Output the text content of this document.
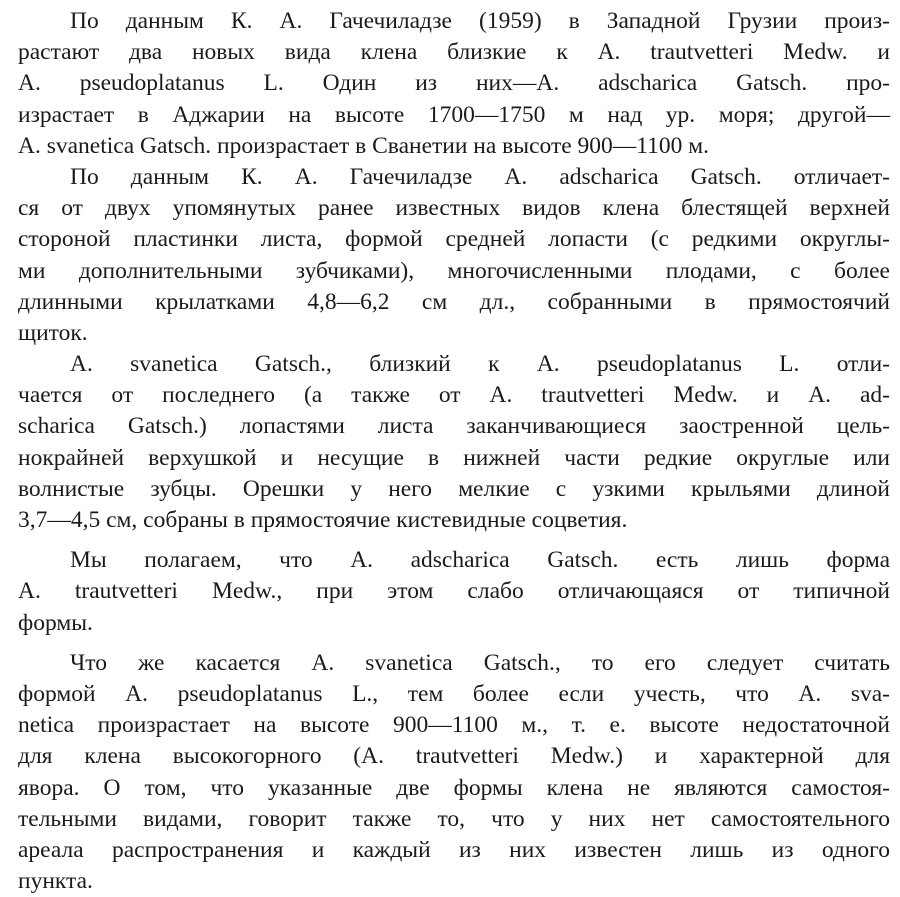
По данным К. А. Гачечиладзе (1959) в Западной Грузии произ-
растают два новых вида клена близкие к A. trautvetteri Medw. и
A. pseudoplatanus L. Один из них—A. adscharica Gatsch. про-
израстает в Аджарии на высоте 1700—1750 м над ур. моря; другой—
A. svanetica Gatsch. произрастает в Сванетии на высоте 900—1100 м.
По данным К. А. Гачечиладзе A. adscharica Gatsch. отличает-
ся от двух упомянутых ранее известных видов клена блестящей верхней
стороной пластинки листа, формой средней лопасти (с редкими округлы-
ми дополнительными зубчиками), многочисленными плодами, с более
длинными крылатками 4,8—6,2 см дл., собранными в прямостоячий
щиток.
A. svanetica Gatsch., близкий к A. pseudoplatanus L. отли-
чается от последнего (а также от A. trautvetteri Medw. и A. ad-
scharica Gatsch.) лопастями листа заканчивающиеся заостренной цель-
нокрайней верхушкой и несущие в нижней части редкие округлые или
волнистые зубцы. Орешки у него мелкие с узкими крыльями длиной
3,7—4,5 см, собраны в прямостоячие кистевидные соцветия.
Мы полагаем, что A. adscharica Gatsch. есть лишь форма
A. trautvetteri Medw., при этом слабо отличающаяся от типичной
формы.
Что же касается A. svanetica Gatsch., то его следует считать
формой A. pseudoplatanus L., тем более если учесть, что A. sva-
netica произрастает на высоте 900—1100 м., т. е. высоте недостаточной
для клена высокогорного (A. trautvetteri Medw.) и характерной для
явора. О том, что указанные две формы клена не являются самостоя-
тельными видами, говорит также то, что у них нет самостоятельного
ареала распространения и каждый из них известен лишь из одного
пункта.
